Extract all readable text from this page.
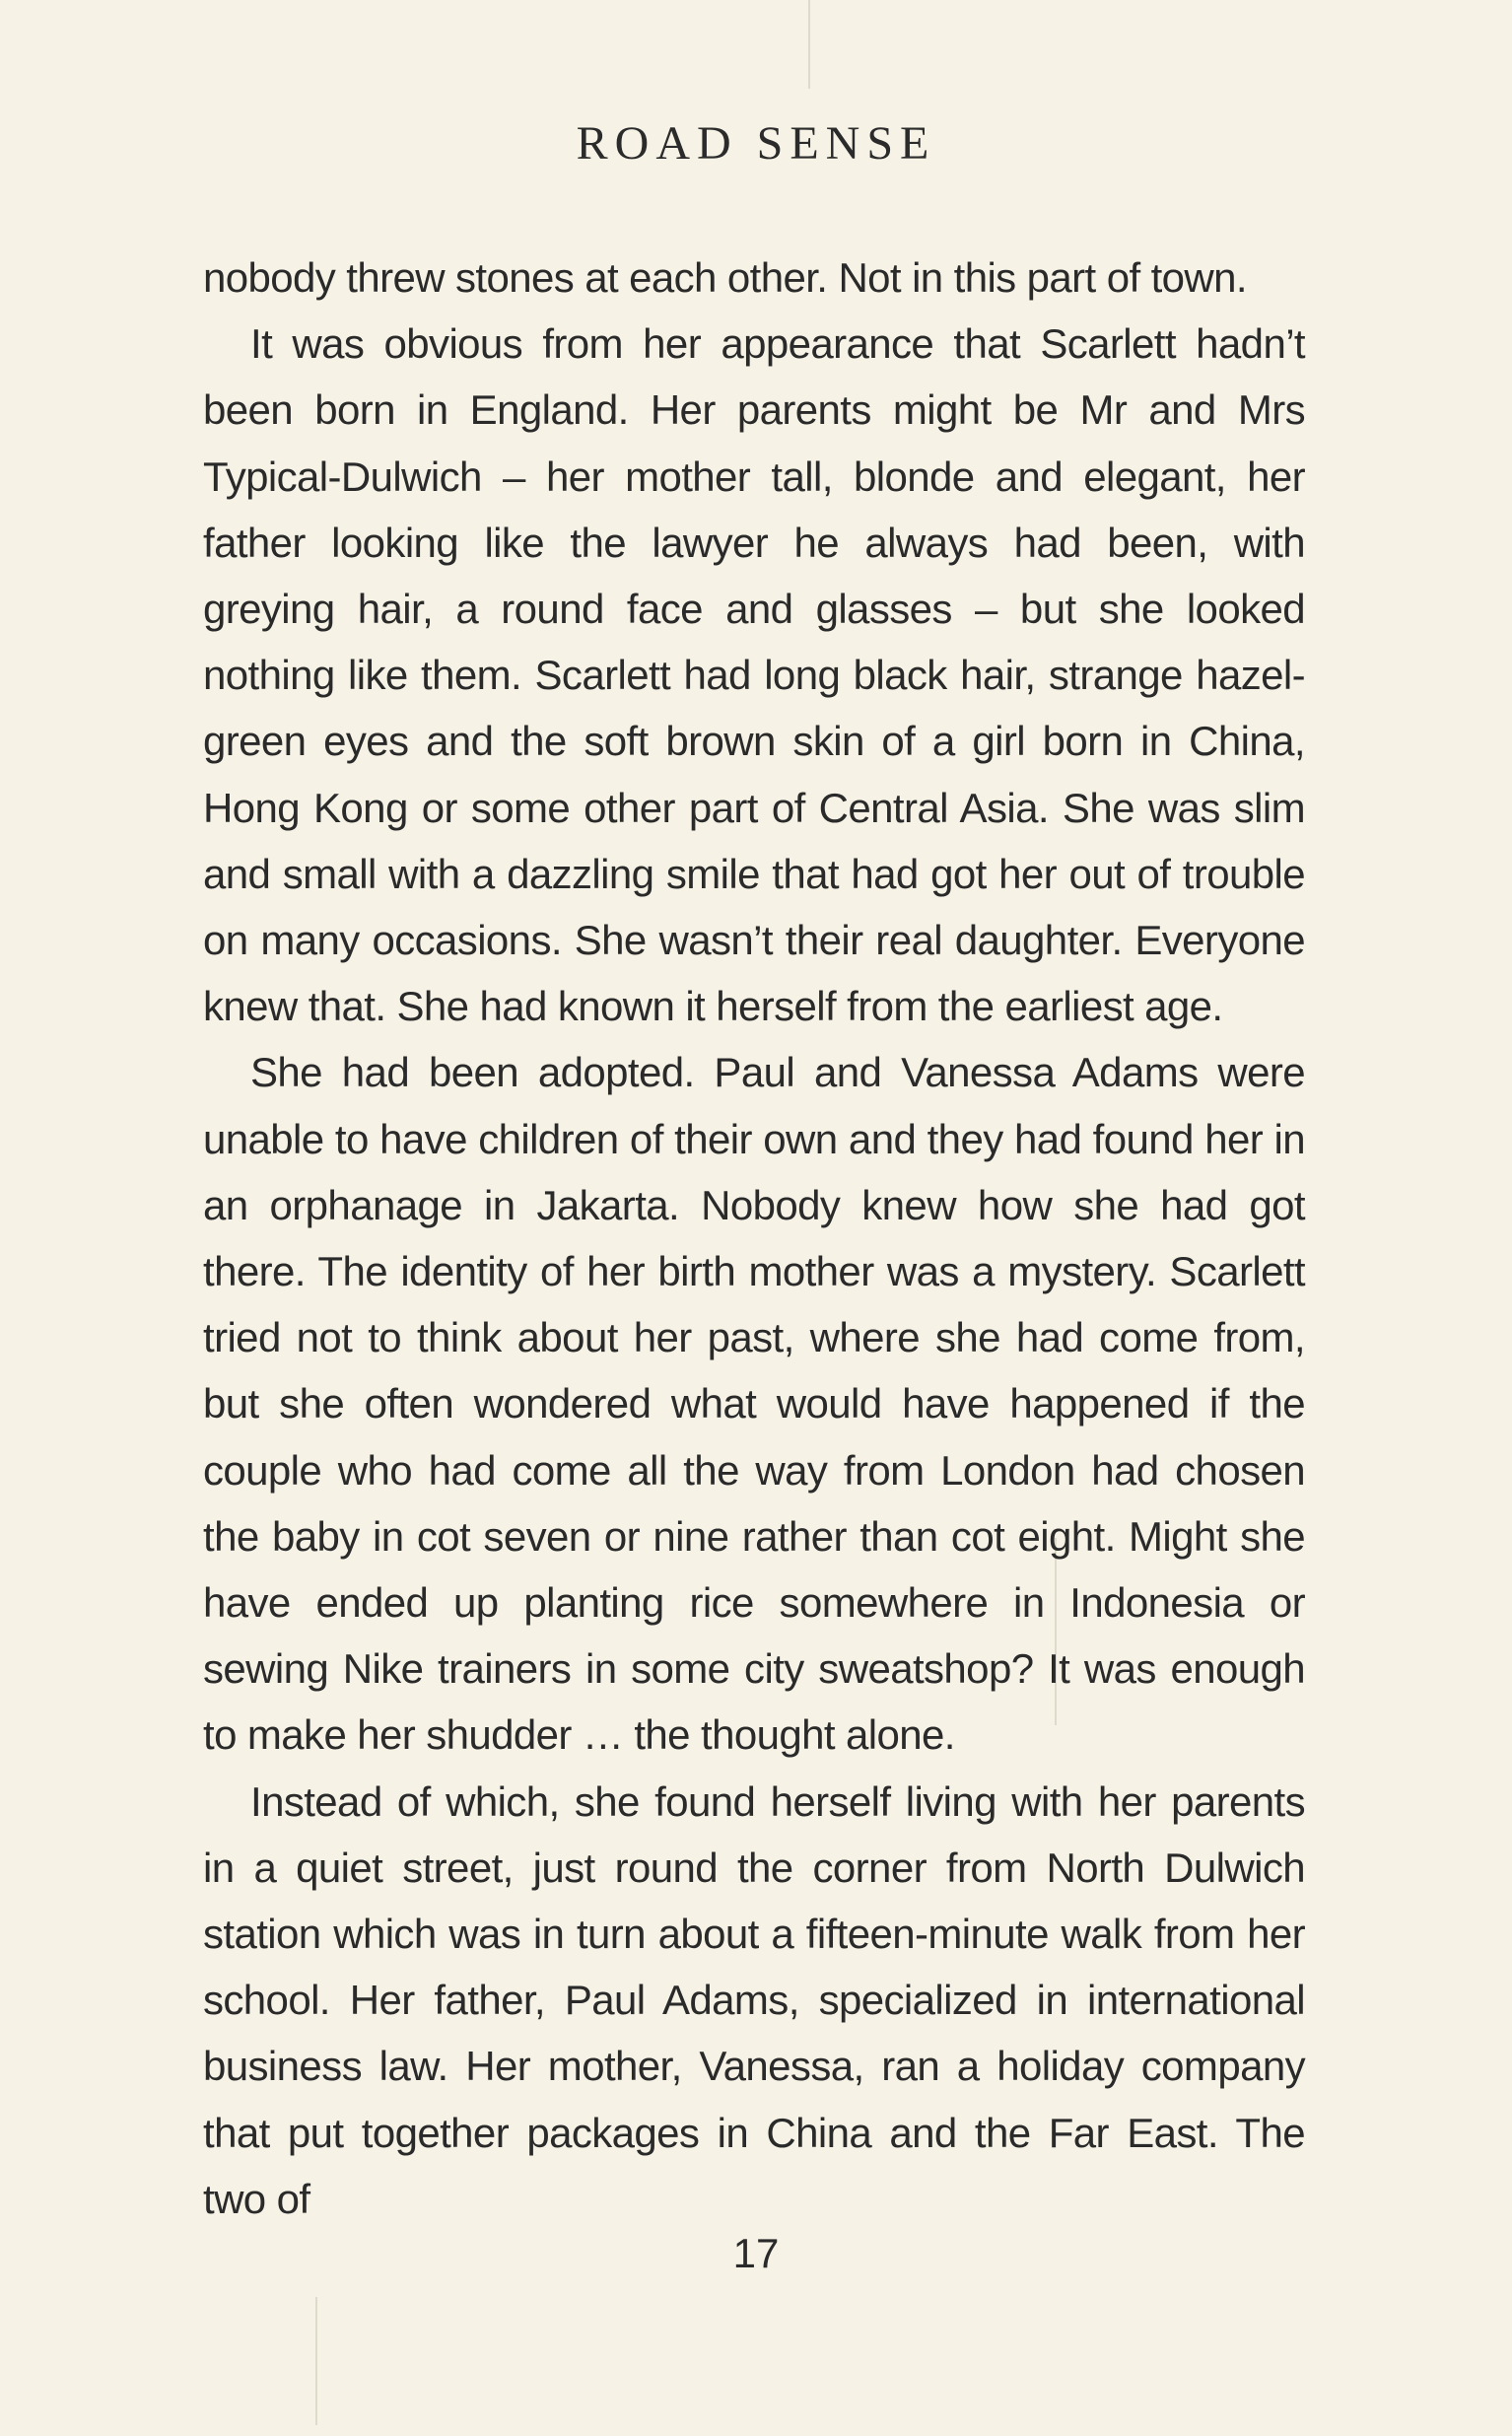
ROAD SENSE

nobody threw stones at each other. Not in this part of town.

It was obvious from her appearance that Scarlett hadn’t been born in England. Her parents might be Mr and Mrs Typical-Dulwich – her mother tall, blonde and elegant, her father looking like the lawyer he always had been, with greying hair, a round face and glasses – but she looked nothing like them. Scarlett had long black hair, strange hazel-green eyes and the soft brown skin of a girl born in China, Hong Kong or some other part of Central Asia. She was slim and small with a dazzling smile that had got her out of trouble on many occasions. She wasn’t their real daughter. Everyone knew that. She had known it herself from the earliest age.

She had been adopted. Paul and Vanessa Adams were unable to have children of their own and they had found her in an orphanage in Jakarta. Nobody knew how she had got there. The identity of her birth mother was a mystery. Scarlett tried not to think about her past, where she had come from, but she often wondered what would have happened if the couple who had come all the way from London had chosen the baby in cot seven or nine rather than cot eight. Might she have ended up planting rice somewhere in Indonesia or sewing Nike trainers in some city sweatshop? It was enough to make her shudder … the thought alone.

Instead of which, she found herself living with her parents in a quiet street, just round the corner from North Dulwich station which was in turn about a fifteen-minute walk from her school. Her father, Paul Adams, specialized in international business law. Her mother, Vanessa, ran a holiday company that put together packages in China and the Far East. The two of

17
